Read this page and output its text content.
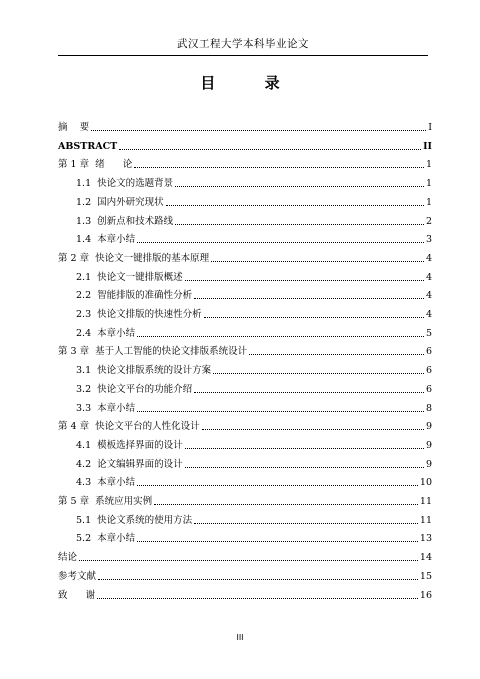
武汉工程大学本科毕业论文
目 录
摘    要	I
ABSTRACT	II
第 1 章  绪      论	1
1.1  快论文的选题背景	1
1.2  国内外研究现状	1
1.3  创新点和技术路线	2
1.4  本章小结	3
第 2 章  快论文一键排版的基本原理	4
2.1  快论文一键排版概述	4
2.2  智能排版的准确性分析	4
2.3  快论文排版的快速性分析	4
2.4  本章小结	5
第 3 章  基于人工智能的快论文排版系统设计	6
3.1  快论文排版系统的设计方案	6
3.2  快论文平台的功能介绍	6
3.3  本章小结	8
第 4 章  快论文平台的人性化设计	9
4.1  模板选择界面的设计	9
4.2  论文编辑界面的设计	9
4.3  本章小结	10
第 5 章  系统应用实例	11
5.1  快论文系统的使用方法	11
5.2  本章小结	13
结论	14
参考文献	15
致      谢	16
III
